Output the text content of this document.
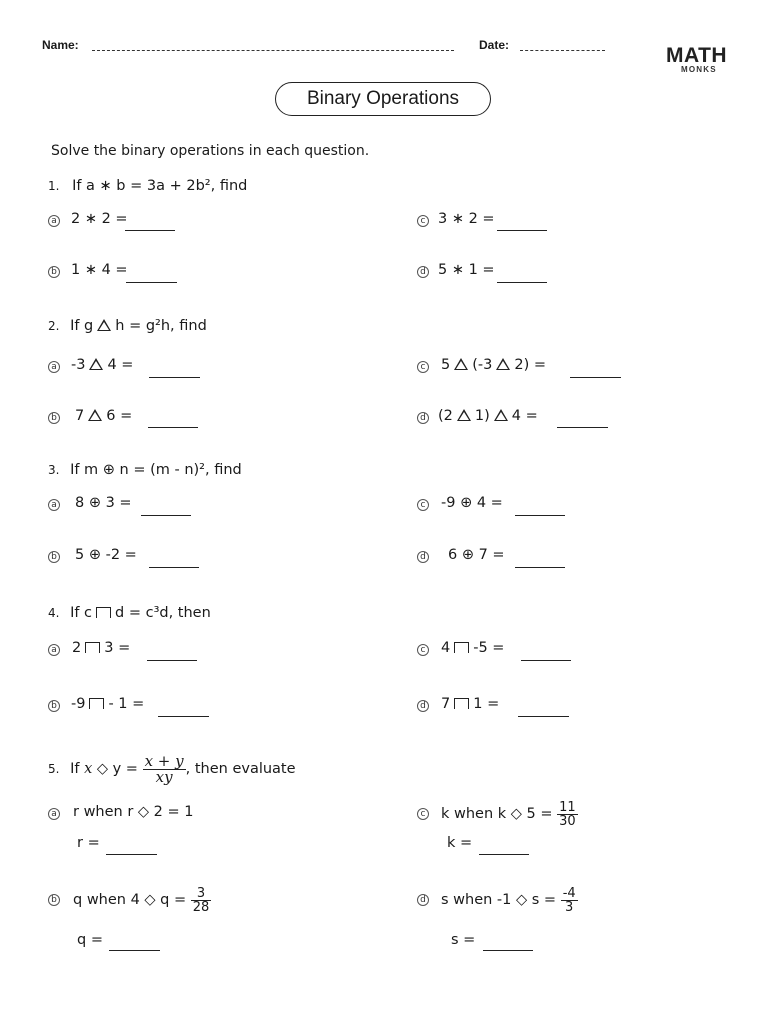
Name:	Date:	MATH
MONKS
Binary Operations
Solve the binary operations in each question.
1. If a ∗ b = 3a + 2b², find
a 2 ∗ 2 =
b 1 ∗ 4 =
c 3 ∗ 2 =
d 5 ∗ 1 =
2. If g h = g²h, find
a -3 4 =
b 7 6 =
c 5 (-3 2) =
d (2 1) 4 =
3. If m ⊕ n = (m - n)², find
a 8 ⊕ 3 =
b 5 ⊕ -2 =
c -9 ⊕ 4 =
d 6 ⊕ 7 =
4. If c d = c³d, then
a 2 3 =
b -9 - 1 =
c 4 -5 =
d 7 1 =
5. If x ◇ $y = \frac{x + y}{xy}$ , then evaluate
a r when r ◇ 2 = 1
r =
b q when 4 ◇ $q = \frac{3}{28}$
q =
c k when k ◇ $5 = \frac{11}{30}$
k =
d s when -1 ◇ $s = \frac{-4}{3}$
s =
